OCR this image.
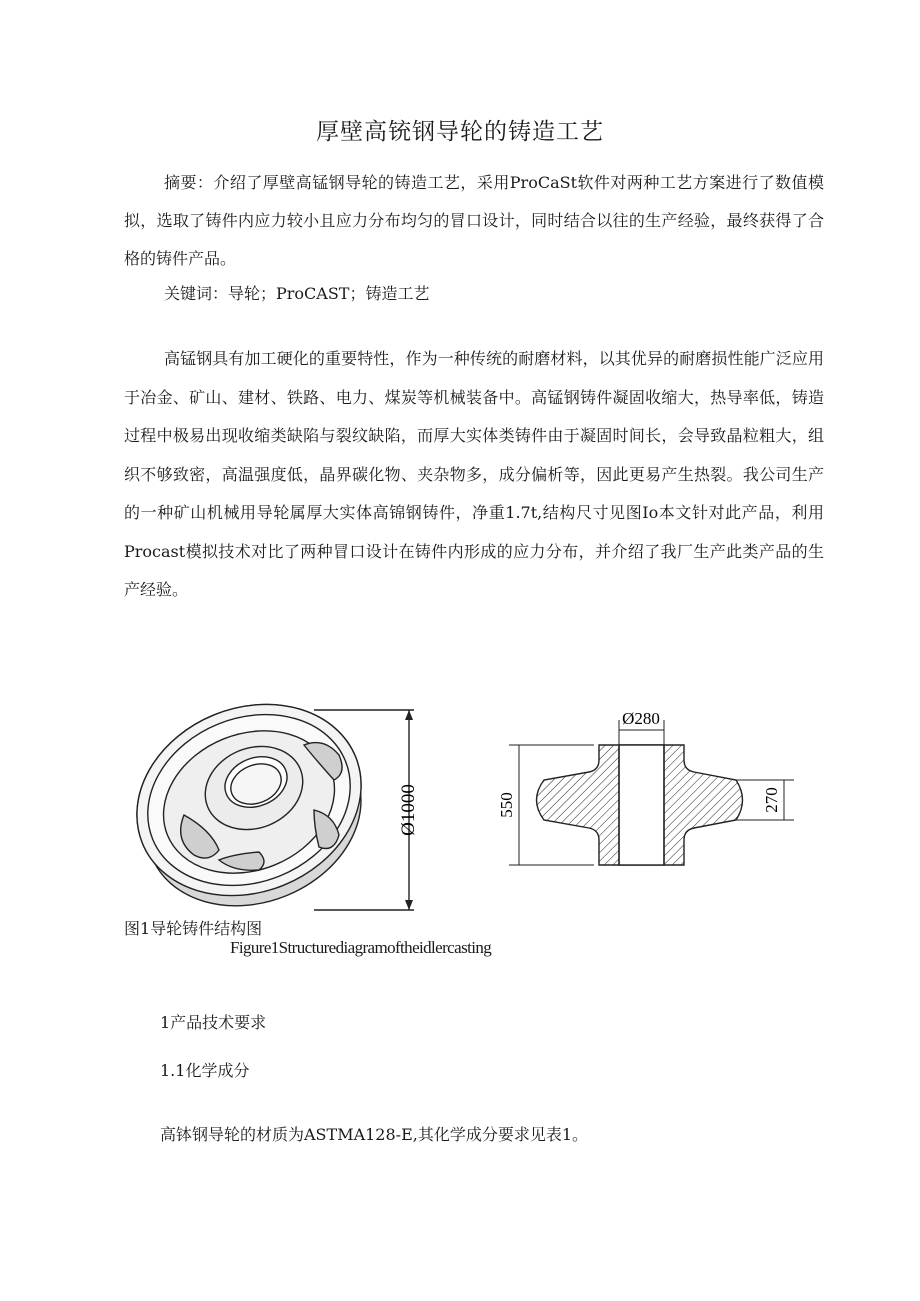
厚壁高铳钢导轮的铸造工艺

摘要：介绍了厚壁高锰钢导轮的铸造工艺，采用ProCaSt软件对两种工艺方案进行了数值模拟，选取了铸件内应力较小且应力分布均匀的冒口设计，同时结合以往的生产经验，最终获得了合格的铸件产品。

关键词：导轮；ProCAST；铸造工艺

高锰钢具有加工硬化的重要特性，作为一种传统的耐磨材料，以其优异的耐磨损性能广泛应用于冶金、矿山、建材、铁路、电力、煤炭等机械装备中。高锰钢铸件凝固收缩大，热导率低，铸造过程中极易出现收缩类缺陷与裂纹缺陷，而厚大实体类铸件由于凝固时间长，会导致晶粒粗大，组织不够致密，高温强度低，晶界碳化物、夹杂物多，成分偏析等，因此更易产生热裂。我公司生产的一种矿山机械用导轮属厚大实体高锦钢铸件，净重1.7t,结构尺寸见图Io本文针对此产品，利用Procast模拟技术对比了两种冒口设计在铸件内形成的应力分布，并介绍了我厂生产此类产品的生产经验。

Ø1000
Ø280
550	270
图1导轮铸件结构图
Figure1Structurediagramoftheidlercasting
1产品技术要求
1.1化学成分
高钵钢导轮的材质为ASTMA128-E,其化学成分要求见表1。
